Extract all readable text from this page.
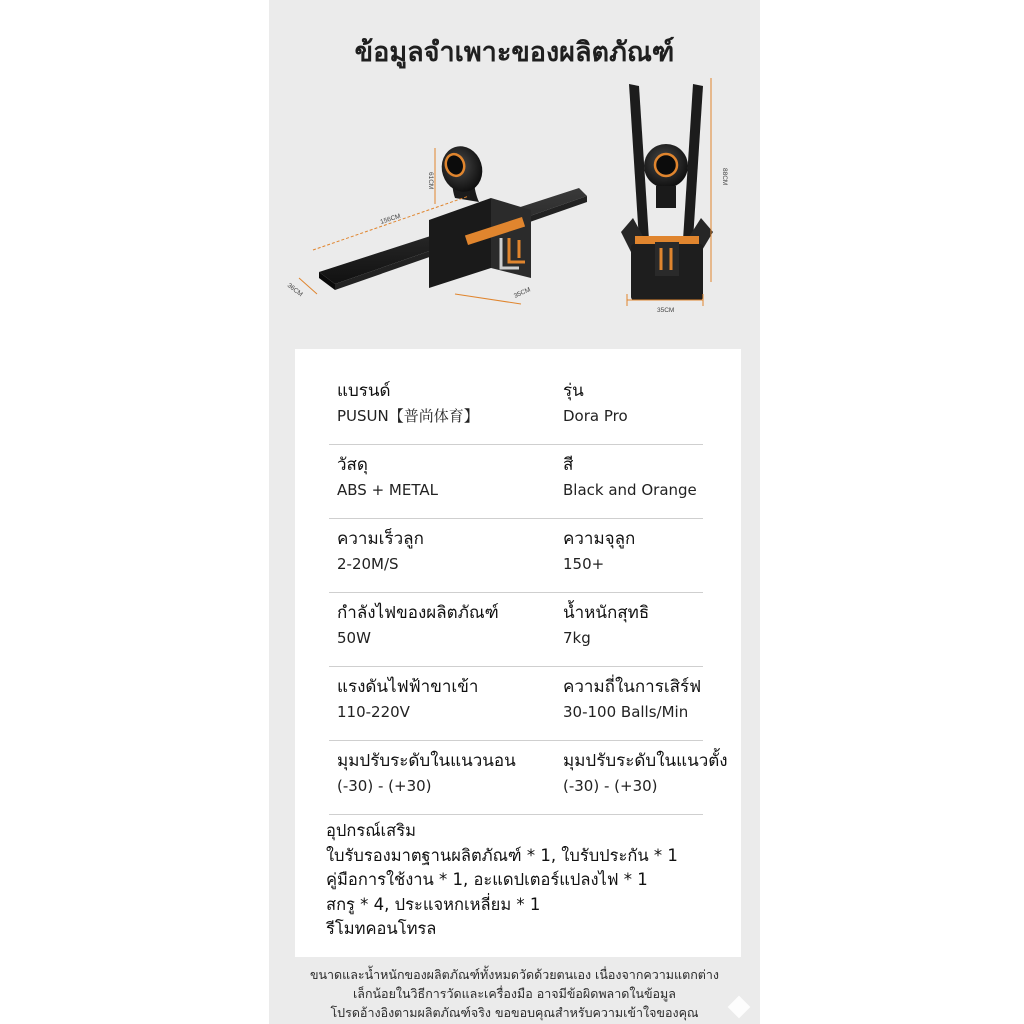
ข้อมูลจำเพาะของผลิตภัณฑ์
156CM
36CM	35CM
61CM	88CM
35CM
ขนาดและน้ำหนักของผลิตภัณฑ์ทั้งหมดวัดด้วยตนเอง เนื่องจากความแตกต่าง
เล็กน้อยในวิธีการวัดและเครื่องมือ อาจมีข้อผิดพลาดในข้อมูล
โปรดอ้างอิงตามผลิตภัณฑ์จริง ขอขอบคุณสำหรับความเข้าใจของคุณ
แบรนด์
PUSUN【普尚体育】
รุ่น
Dora Pro
วัสดุ
ABS + METAL
สี
Black and Orange
ความเร็วลูก
2-20M/S
ความจุลูก
150+
กำลังไฟของผลิตภัณฑ์
50W
น้ำหนักสุทธิ
7kg
แรงดันไฟฟ้าขาเข้า
110-220V
ความถี่ในการเสิร์ฟ
30-100 Balls/Min
มุมปรับระดับในแนวนอน
(-30) - (+30)
มุมปรับระดับในแนวตั้ง
(-30) - (+30)
อุปกรณ์เสริม
ใบรับรองมาตฐานผลิตภัณฑ์ * 1, ใบรับประกัน * 1
คู่มือการใช้งาน * 1, อะแดปเตอร์แปลงไฟ * 1
สกรู * 4, ประแจหกเหลี่ยม * 1
รีโมทคอนโทรล
